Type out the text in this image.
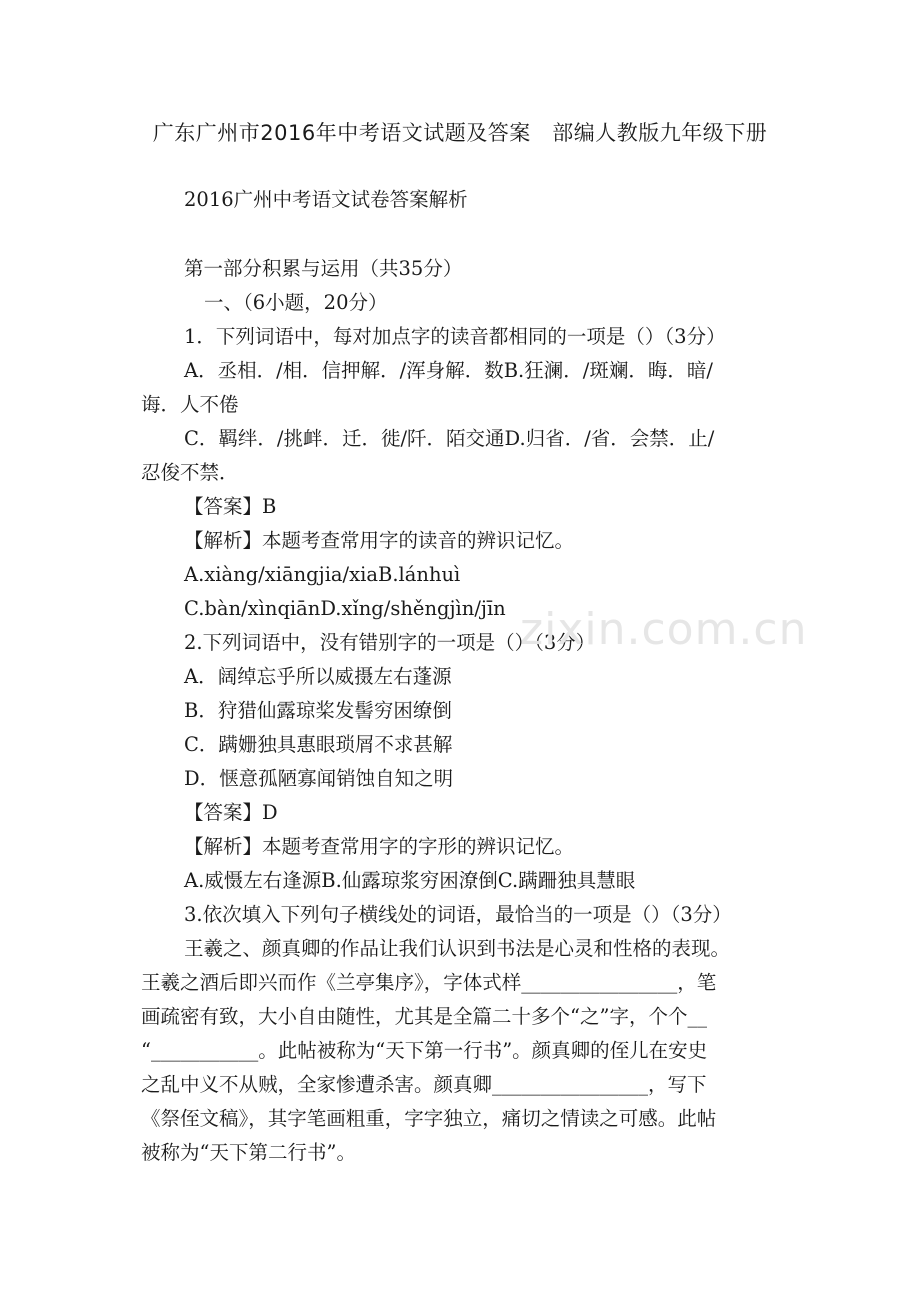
广东广州市2016年中考语文试题及答案　部编人教版九年级下册
2016广州中考语文试卷答案解析
第一部分积累与运用（共35分）
一、（6小题，20分）
1．下列词语中，每对加点字的读音都相同的一项是（）（3分）
A．丞相．/相．信押解．/浑身解．数B.狂澜．/斑斓．晦．暗/
诲．人不倦
C．羁绊．/挑衅．迁．徙/阡．陌交通D.归省．/省．会禁．止/
忍俊不禁．
【答案】B
【解析】本题考查常用字的读音的辨识记忆。
A.xiàng/xiāngjia/xiaB.lánhuì
C.bàn/xìnqiānD.xǐng/shěngjìn/jīn
2.下列词语中，没有错别字的一项是（）（3分）
A．阔绰忘乎所以威摄左右蓬源
B．狩猎仙露琼桨发髻穷困缭倒
C．蹒姗独具惠眼琐屑不求甚解
D．惬意孤陋寡闻销蚀自知之明
【答案】D
【解析】本题考查常用字的字形的辨识记忆。
A.威慑左右逢源B.仙露琼浆穷困潦倒C.蹒跚独具慧眼
3.依次填入下列句子横线处的词语，最恰当的一项是（）（3分）
王羲之、颜真卿的作品让我们认识到书法是心灵和性格的表现。
王羲之酒后即兴而作《兰亭集序》，字体式样________________，笔
画疏密有致，大小自由随性，尤其是全篇二十多个“之”字，个个__
“___________。此帖被称为“天下第一行书”。颜真卿的侄儿在安史
之乱中义不从贼，全家惨遭杀害。颜真卿________________，写下
《祭侄文稿》，其字笔画粗重，字字独立，痛切之情读之可感。此帖
被称为“天下第二行书”。
zixin.com.cn
